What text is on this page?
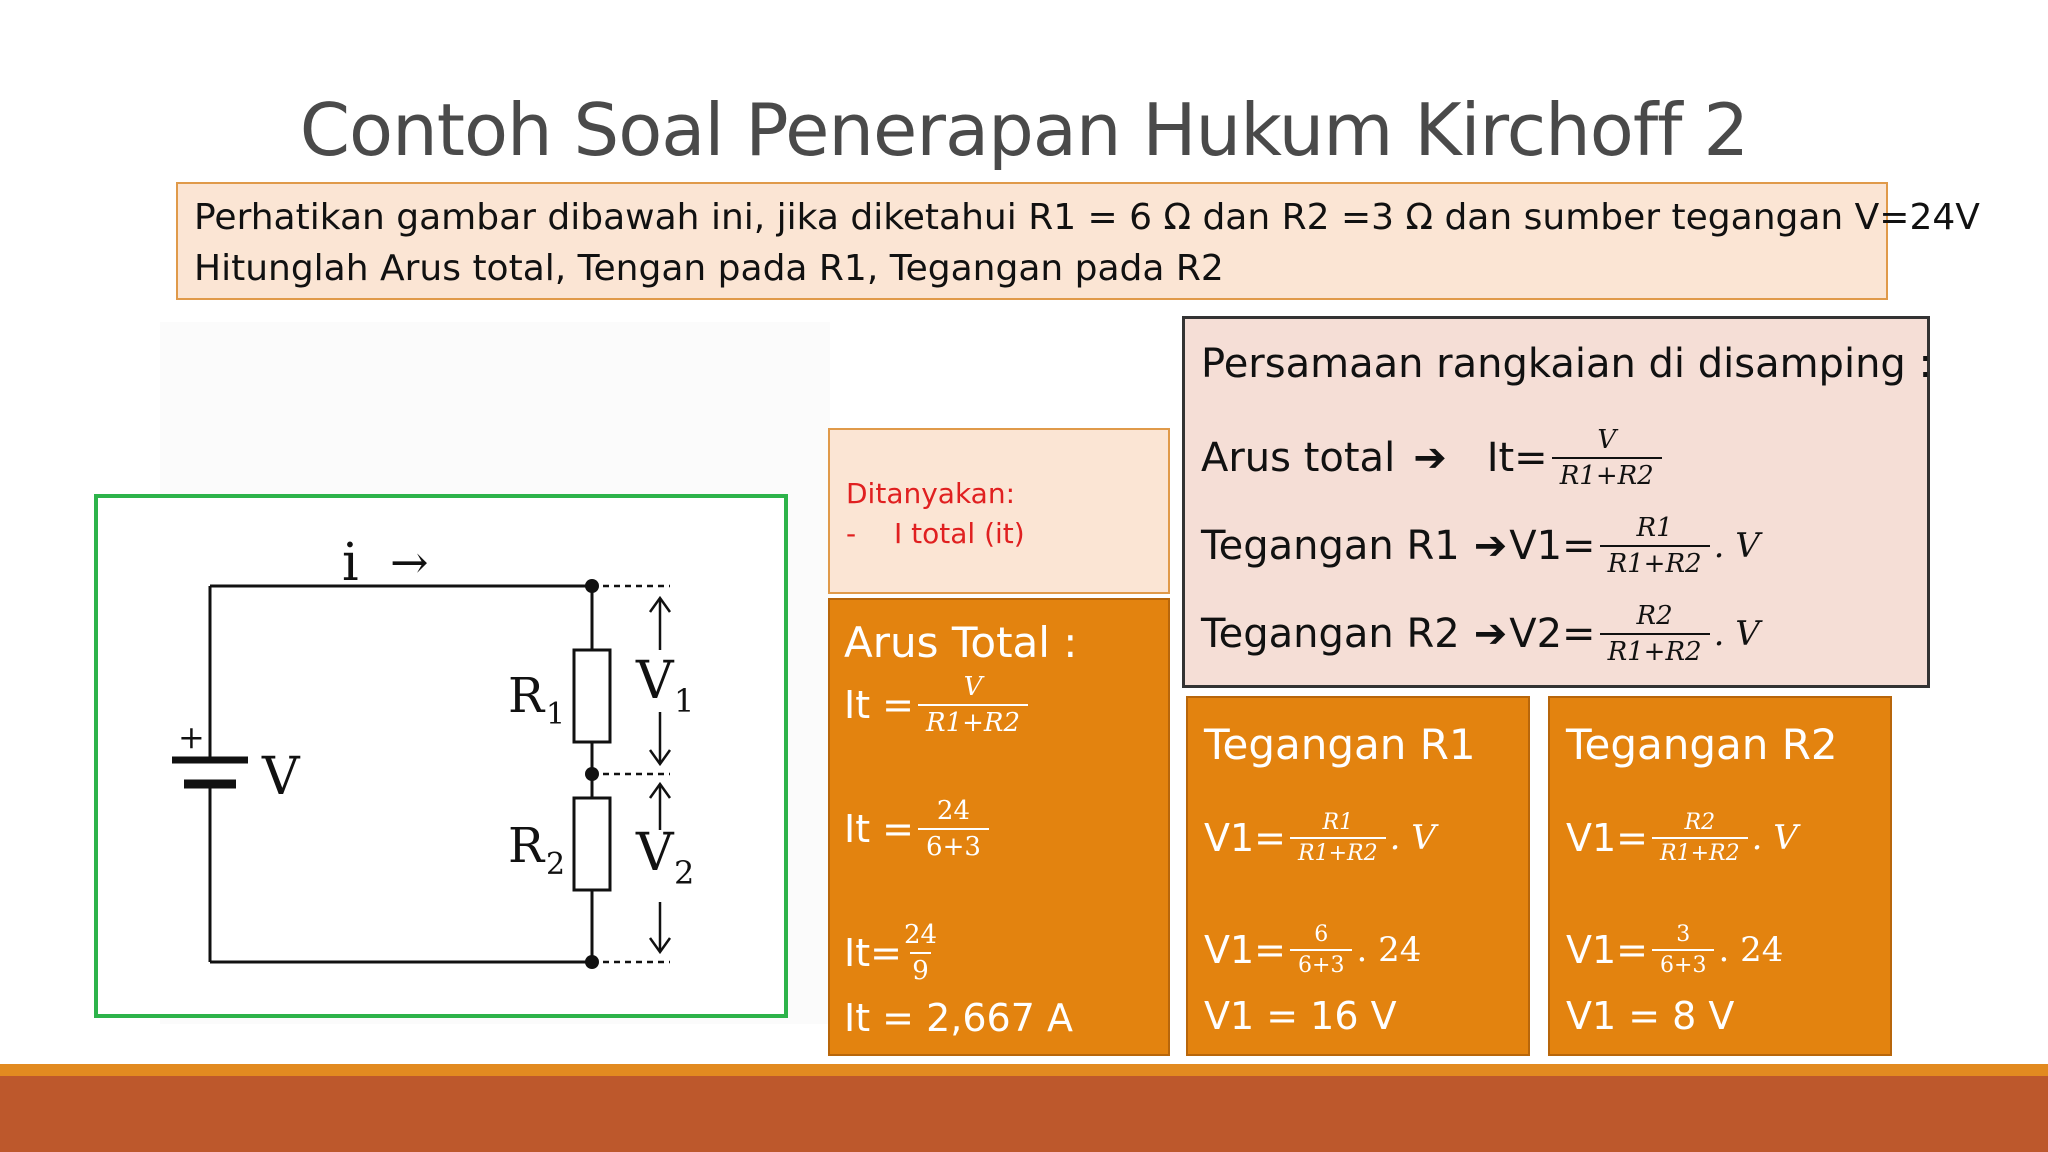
Contoh Soal Penerapan Hukum Kirchoff 2
Perhatikan gambar dibawah ini, jika diketahui R1 = 6 Ω dan R2 =3 Ω dan sumber tegangan V=24V
Hitunglah Arus total, Tengan pada R1, Tegangan pada R2
i →
+
V
R 1
R 2
V 1
V 2
Ditanyakan:
- I total (it)
Persamaan rangkaian di disamping :
Arus total ➔ $It= \frac{V}{R1+R2}$
Tegangan R1 ➔ $V1= \frac{R1}{R1+R2}$ . V
Tegangan R2 ➔ $V2= \frac{R2}{R1+R2}$ . V
Arus Total :
$It = \frac{V}{R1+R2}$
$It = \frac{24}{6+3}$
$It= \frac{24}{9}$
It = 2,667 A
Tegangan R1
$V1= \frac{R1}{R1+R2}$ . V
$V1= \frac{6}{6+3}$ . 24
V1 = 16 V
Tegangan R2
$V1= \frac{R2}{R1+R2}$ . V
$V1= \frac{3}{6+3}$ . 24
V1 = 8 V
